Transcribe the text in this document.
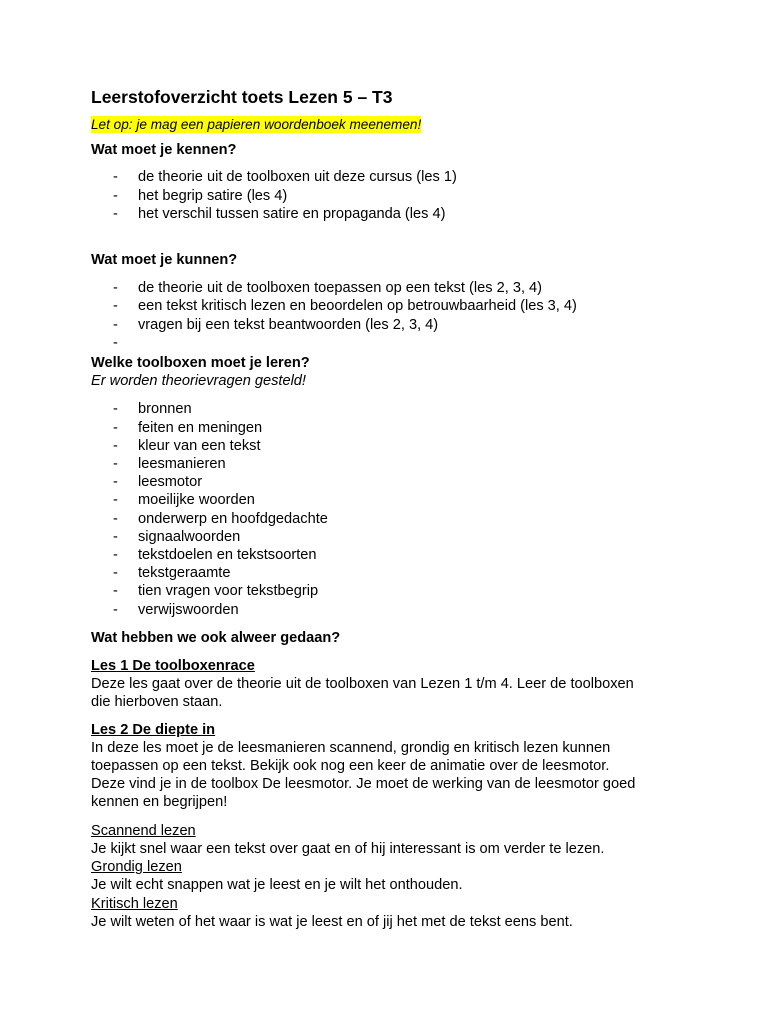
Leerstofoverzicht toets Lezen 5 – T3
Let op: je mag een papieren woordenboek meenemen!
Wat moet je kennen?
- de theorie uit de toolboxen uit deze cursus (les 1)
- het begrip satire (les 4)
- het verschil tussen satire en propaganda (les 4)
Wat moet je kunnen?
- de theorie uit de toolboxen toepassen op een tekst (les 2, 3, 4)
- een tekst kritisch lezen en beoordelen op betrouwbaarheid (les 3, 4)
- vragen bij een tekst beantwoorden (les 2, 3, 4)
-
Welke toolboxen moet je leren?

Er worden theorievragen gesteld!

- bronnen
- feiten en meningen
- kleur van een tekst
- leesmanieren
- leesmotor
- moeilijke woorden
- onderwerp en hoofdgedachte
- signaalwoorden
- tekstdoelen en tekstsoorten
- tekstgeraamte
- tien vragen voor tekstbegrip
- verwijswoorden
Wat hebben we ook alweer gedaan?

Les 1 De toolboxenrace

Deze les gaat over de theorie uit de toolboxen van Lezen 1 t/m 4. Leer de toolboxen

die hierboven staan.

Les 2 De diepte in

In deze les moet je de leesmanieren scannend, grondig en kritisch lezen kunnen

toepassen op een tekst. Bekijk ook nog een keer de animatie over de leesmotor.

Deze vind je in de toolbox De leesmotor. Je moet de werking van de leesmotor goed

kennen en begrijpen!

Scannend lezen

Je kijkt snel waar een tekst over gaat en of hij interessant is om verder te lezen.

Grondig lezen

Je wilt echt snappen wat je leest en je wilt het onthouden.

Kritisch lezen

Je wilt weten of het waar is wat je leest en of jij het met de tekst eens bent.
